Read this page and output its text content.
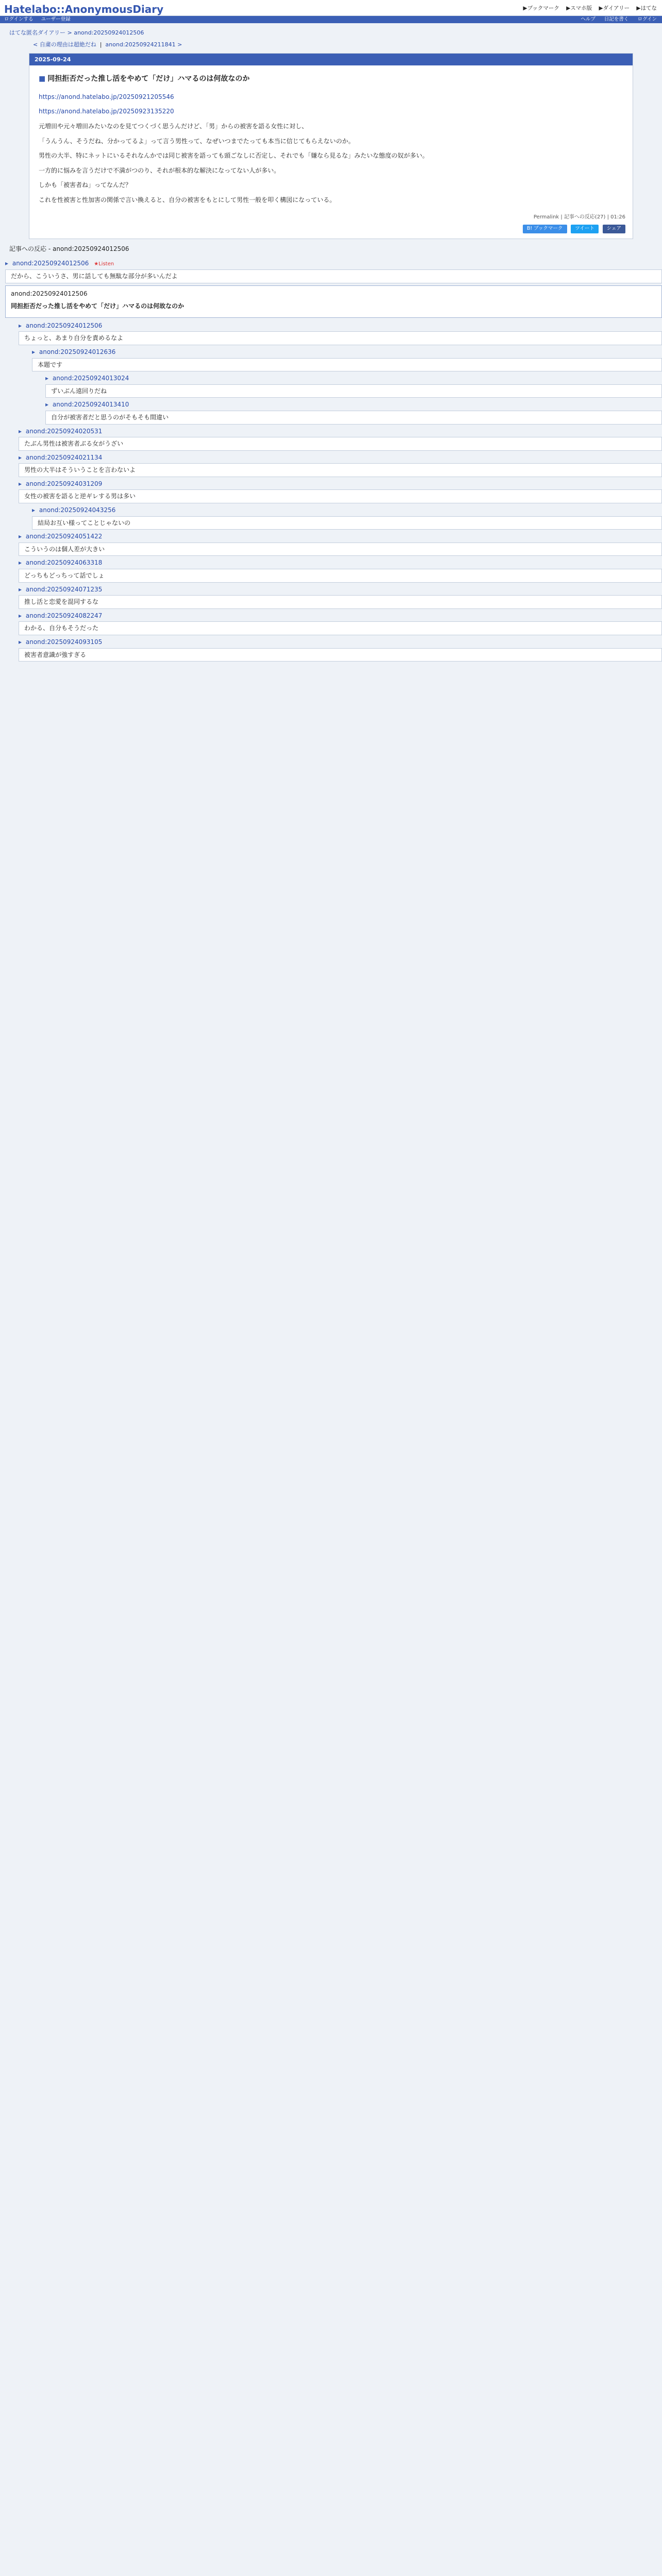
Hatelabo::AnonymousDiary	▶ブックマーク ▶スマホ版 ▶ダイアリー ▶はてな
ログインする ユーザー登録	ヘルプ 日記を書く ログイン
はてな匿名ダイアリー > anond:20250924012506
< 自粛の理由は超絶だね  |  anond:20250924211841 >
2025-09-24
■ 同担拒否だった推し活をやめて「だけ」ハマるのは何故なのか

https://anond.hatelabo.jp/20250921205546

https://anond.hatelabo.jp/20250923135220

元増田や元々増田みたいなのを見てつくづく思うんだけど、「男」からの被害を語る女性に対し、

「うんうん、そうだね、分かってるよ」って言う男性って、なぜいつまでたっても本当に信じてもらえないのか。

男性の大半、特にネットにいるそれなんかでは同じ被害を語っても頭ごなしに否定し、それでも「嫌なら見るな」みたいな態度の奴が多い。

一方的に悩みを言うだけで不満がつのり、それが根本的な解決になってない人が多い。

しかも「被害者ね」ってなんだ？

これを性被害と性加害の関係で言い換えると、自分の被害をもとにして男性一般を叩く構図になっている。

Permalink | 記事への反応(27) | 01:26
B! ブックマーク	ツイート	シェア
記事への反応 - anond:20250924012506
▸ anond:20250924012506 ★Listen
だから、こういうさ、男に話しても無駄な部分が多いんだよ
anond:20250924012506
同担拒否だった推し活をやめて「だけ」ハマるのは何故なのか
▸ anond:20250924012506
ちょっと、あまり自分を責めるなよ
▸ anond:20250924012636
本題です
▸ anond:20250924013024
ずいぶん遠回りだね
▸ anond:20250924013410
自分が被害者だと思うのがそもそも間違い
▸ anond:20250924020531
たぶん男性は被害者ぶる女がうざい
▸ anond:20250924021134
男性の大半はそういうことを言わないよ
▸ anond:20250924031209
女性の被害を語ると逆ギレする男は多い
▸ anond:20250924043256
結局お互い様ってことじゃないの
▸ anond:20250924051422
こういうのは個人差が大きい
▸ anond:20250924063318
どっちもどっちって話でしょ
▸ anond:20250924071235
推し活と恋愛を混同するな
▸ anond:20250924082247
わかる、自分もそうだった
▸ anond:20250924093105
被害者意識が強すぎる
